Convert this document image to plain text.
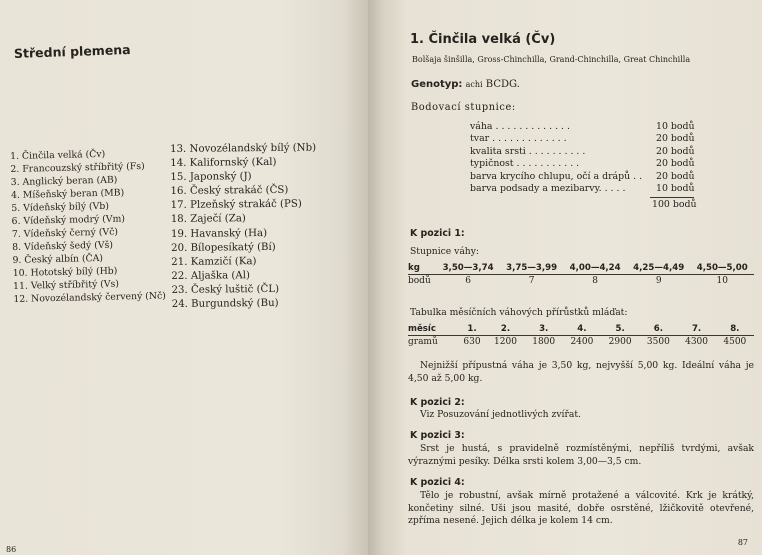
Střední plemena
1. Činčila velká (Čv)
2. Francouzský stříbřitý (Fs)
3. Anglický beran (AB)
4. Míšeňský beran (MB)
5. Vídeňský bílý (Vb)
6. Vídeňský modrý (Vm)
7. Vídeňský černý (Vč)
8. Vídeňský šedý (Vš)
9. Český albín (ČA)
10. Hototský bílý (Hb)
11. Velký stříbřitý (Vs)
12. Novozélandský červený (Nč)
13. Novozélandský bílý (Nb)
14. Kalifornský (Kal)
15. Japonský (J)
16. Český strakáč (ČS)
17. Plzeňský strakáč (PS)
18. Zaječí (Za)
19. Havanský (Ha)
20. Bílopesíkatý (Bí)
21. Kamzičí (Ka)
22. Aljaška (Al)
23. Český luštič (ČL)
24. Burgundský (Bu)
86
1. Činčila velká (Čv)
Bolšaja šinšilla, Gross-Chinchilla, Grand-Chinchilla, Great Chinchilla
Genotyp: achi BCDG.
Bodovací stupnice:
váha . . . . . . . . . . . . .	10 bodů
tvar . . . . . . . . . . . . .	20 bodů
kvalita srsti . . . . . . . . . .	20 bodů
typičnost . . . . . . . . . . .	20 bodů
barva krycího chlupu, očí a drápů . . 20 bodů
barva podsady a mezibarvy. . . . .	10 bodů
100 bodů
K pozici 1:
Stupnice váhy:
kg	3,50—3,74	3,75—3,99	4,00—4,24	4,25—4,49	4,50—5,00
bodů	6	7	8	9	10
Tabulka měsíčních váhových přírůstků mláďat:
měsíc	1.	2.	3.	4.	5.	6.	7.	8.
gramů	630	1200	1800	2400	2900	3500	4300	4500
Nejnižší přípustná váha je 3,50 kg, nejvyšší 5,00 kg. Ideální váha je 4,50 až 5,00 kg.
K pozici 2:
Viz Posuzování jednotlivých zvířat.
K pozici 3:
Srst je hustá, s pravidelně rozmístěnými, nepříliš tvrdými, avšak výraznými pesíky. Délka srsti kolem 3,00—3,5 cm.
K pozici 4:
Tělo je robustní, avšak mírně protažené a válcovité. Krk je krátký, končetiny silné. Uši jsou masité, dobře osrstěné, lžičkovitě otevřené, zpříma nesené. Jejich délka je kolem 14 cm.
87
